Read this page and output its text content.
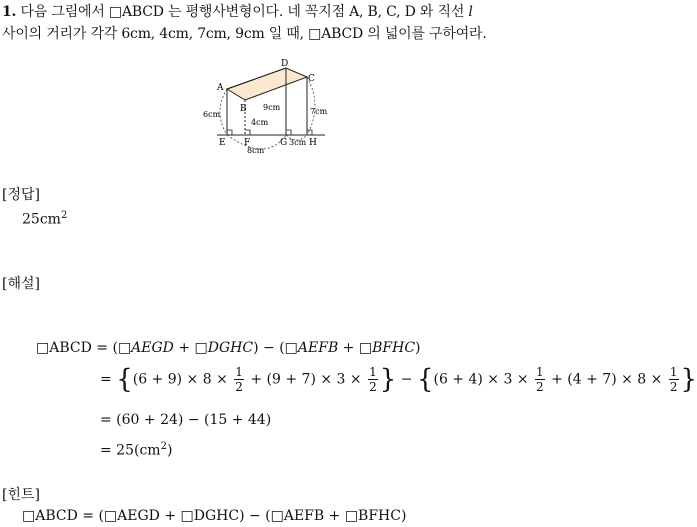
1. 다음 그림에서 □ABCD 는 평행사변형이다. 네 꼭지점 A, B, C, D 와 직선 l
사이의 거리가 각각 6cm, 4cm, 7cm, 9cm 일 때, □ABCD 의 넓이를 구하여라.
A
B
C
D
E F	G H
6cm
4cm
9cm	7cm
8cm
3cm
[정답]
$25cm^2$
[해설]
□ABCD = (□AEGD + □DGHC) − (□AEFB + □BFHC)
= {$(6 + 9) \times 8 \times \frac{1}{2} + (9 + 7) \times 3 \times \frac{1}{2}$ } − {$(6 + 4) \times 3 \times \frac{1}{2} + (4 + 7) \times 8 \times \frac{1}{2}$ }
= (60 + 24) − (15 + 44)
= $25(cm^2)$
[힌트]
□ABCD = (□AEGD + □DGHC) − (□AEFB + □BFHC)
